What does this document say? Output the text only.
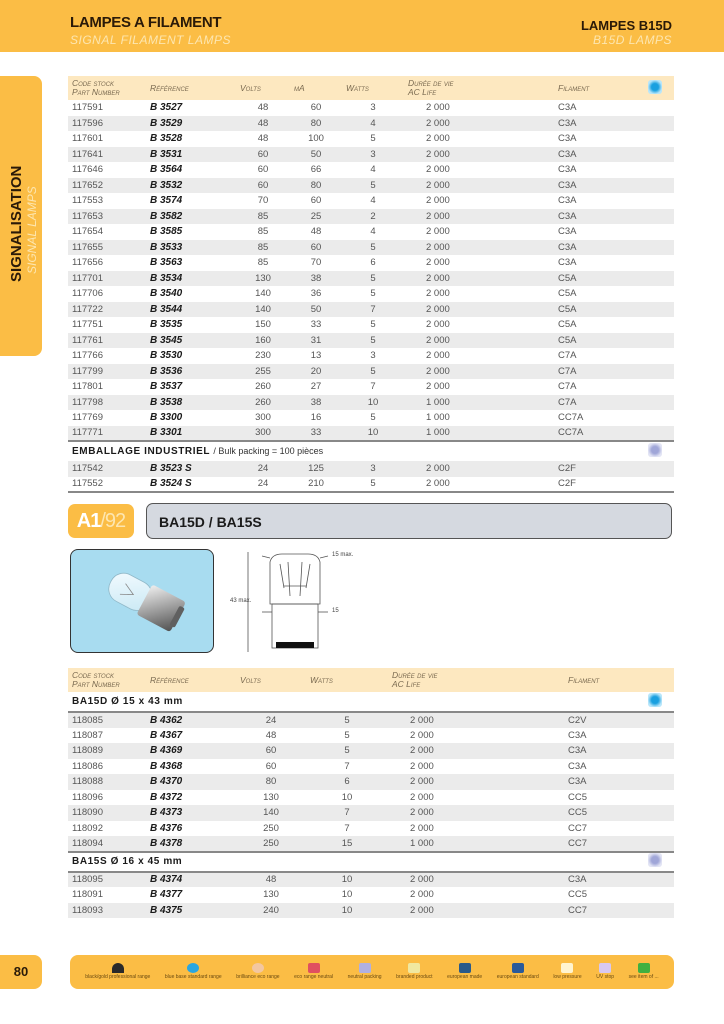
LAMPES A FILAMENT
SIGNAL FILAMENT LAMPS
LAMPES B15D
B15D LAMPS
SIGNALISATION SIGNAL LAMPS
Code stock
Part Number	Référence	Volts	mA	Watts	Durée de vie
AC Life	Filament	
117591	B 3527	48	60	3	2 000	C3A	
117596	B 3529	48	80	4	2 000	C3A	
117601	B 3528	48	100	5	2 000	C3A	
117641	B 3531	60	50	3	2 000	C3A	
117646	B 3564	60	66	4	2 000	C3A	
117652	B 3532	60	80	5	2 000	C3A	
117553	B 3574	70	60	4	2 000	C3A	
117653	B 3582	85	25	2	2 000	C3A	
117654	B 3585	85	48	4	2 000	C3A	
117655	B 3533	85	60	5	2 000	C3A	
117656	B 3563	85	70	6	2 000	C3A	
117701	B 3534	130	38	5	2 000	C5A	
117706	B 3540	140	36	5	2 000	C5A	
117722	B 3544	140	50	7	2 000	C5A	
117751	B 3535	150	33	5	2 000	C5A	
117761	B 3545	160	31	5	2 000	C5A	
117766	B 3530	230	13	3	2 000	C7A	
117799	B 3536	255	20	5	2 000	C7A	
117801	B 3537	260	27	7	2 000	C7A	
117798	B 3538	260	38	10	1 000	C7A	
117769	B 3300	300	16	5	1 000	CC7A	
117771	B 3301	300	33	10	1 000	CC7A	
EMBALLAGE INDUSTRIEL / Bulk packing = 100 pièces							
117542	B 3523 S	24	125	3	2 000	C2F	
117552	B 3524 S	24	210	5	2 000	C2F	
A1/92	BA15D / BA15S
15 max.
43 max.
15
Code stock
Part Number	Référence	Volts	Watts	Durée de vie
AC Life	Filament	
BA15D Ø 15 x 43 mm						
118085	B 4362	24	5	2 000	C2V	
118087	B 4367	48	5	2 000	C3A	
118089	B 4369	60	5	2 000	C3A	
118086	B 4368	60	7	2 000	C3A	
118088	B 4370	80	6	2 000	C3A	
118096	B 4372	130	10	2 000	CC5	
118090	B 4373	140	7	2 000	CC5	
118092	B 4376	250	7	2 000	CC7	
118094	B 4378	250	15	1 000	CC7	
BA15S Ø 16 x 45 mm						
118095	B 4374	48	10	2 000	C3A	
118091	B 4377	130	10	2 000	CC5	
118093	B 4375	240	10	2 000	CC7	
80	black/gold professional range	blue base standard range	brilliance eco range	eco range neutral	neutral packing	branded product	european made	european standard	low pressure	UV stop	see item of ...
